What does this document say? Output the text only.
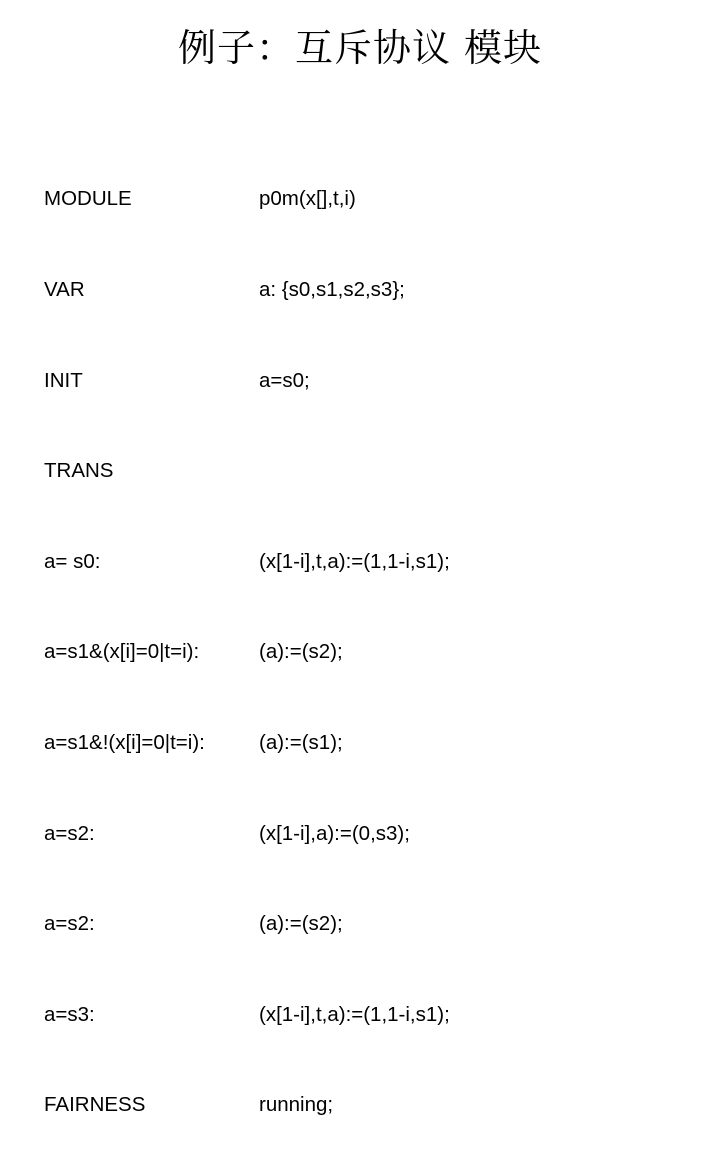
例子：互斥协议 模块

MODULE

VAR

INIT

TRANS

a= s0:

a=s1&(x[i]=0|t=i):

a=s1&!(x[i]=0|t=i):

a=s2:

a=s2:

a=s3:

FAIRNESS

p0m(x[],t,i)

a: {s0,s1,s2,s3};

a=s0;

(x[1-i],t,a):=(1,1-i,s1);

(a):=(s2);

(a):=(s1);

(x[1-i],a):=(0,s3);

(a):=(s2);

(x[1-i],t,a):=(1,1-i,s1);

running;
